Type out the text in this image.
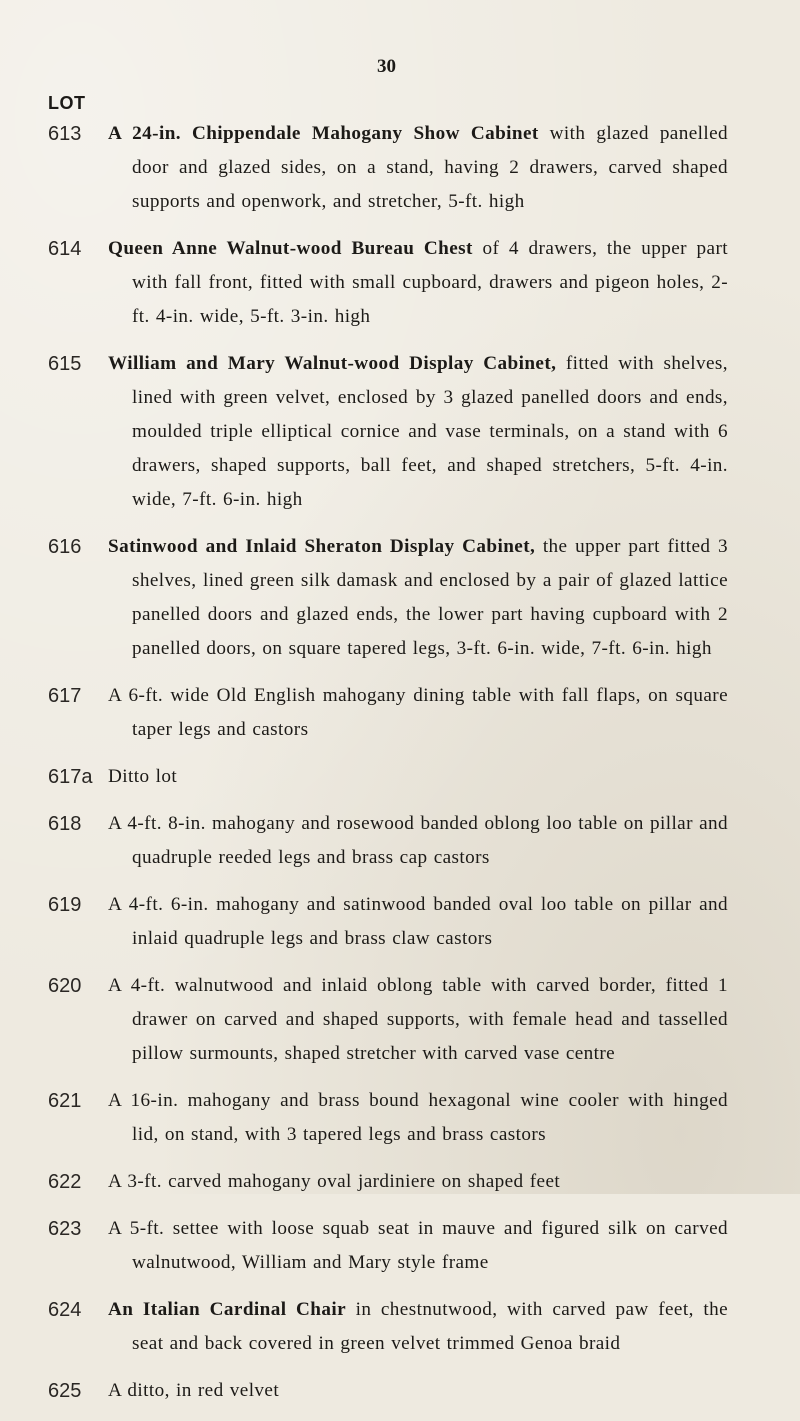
30
LOT
613	A 24-in. Chippendale Mahogany Show Cabinet with glazed panelled door and glazed sides, on a stand, having 2 drawers, carved shaped supports and openwork, and stretcher, 5-ft. high
614	Queen Anne Walnut-wood Bureau Chest of 4 drawers, the upper part with fall front, fitted with small cupboard, drawers and pigeon holes, 2-ft. 4-in. wide, 5-ft. 3-in. high
615	William and Mary Walnut-wood Display Cabinet, fitted with shelves, lined with green velvet, enclosed by 3 glazed panelled doors and ends, moulded triple elliptical cornice and vase terminals, on a stand with 6 drawers, shaped supports, ball feet, and shaped stretchers, 5-ft. 4-in. wide, 7-ft. 6-in. high
616	Satinwood and Inlaid Sheraton Display Cabinet, the upper part fitted 3 shelves, lined green silk damask and enclosed by a pair of glazed lattice panelled doors and glazed ends, the lower part having cupboard with 2 panelled doors, on square tapered legs, 3-ft. 6-in. wide, 7-ft. 6-in. high
617	A 6-ft. wide Old English mahogany dining table with fall flaps, on square taper legs and castors
617a Ditto lot
618	A 4-ft. 8-in. mahogany and rosewood banded oblong loo table on pillar and quadruple reeded legs and brass cap castors
619	A 4-ft. 6-in. mahogany and satinwood banded oval loo table on pillar and inlaid quadruple legs and brass claw castors
620	A 4-ft. walnutwood and inlaid oblong table with carved border, fitted 1 drawer on carved and shaped supports, with female head and tasselled pillow surmounts, shaped stretcher with carved vase centre
621	A 16-in. mahogany and brass bound hexagonal wine cooler with hinged lid, on stand, with 3 tapered legs and brass castors
622	A 3-ft. carved mahogany oval jardiniere on shaped feet
623	A 5-ft. settee with loose squab seat in mauve and figured silk on carved walnutwood, William and Mary style frame
624	An Italian Cardinal Chair in chestnutwood, with carved paw feet, the seat and back covered in green velvet trimmed Genoa braid
625	A ditto, in red velvet
